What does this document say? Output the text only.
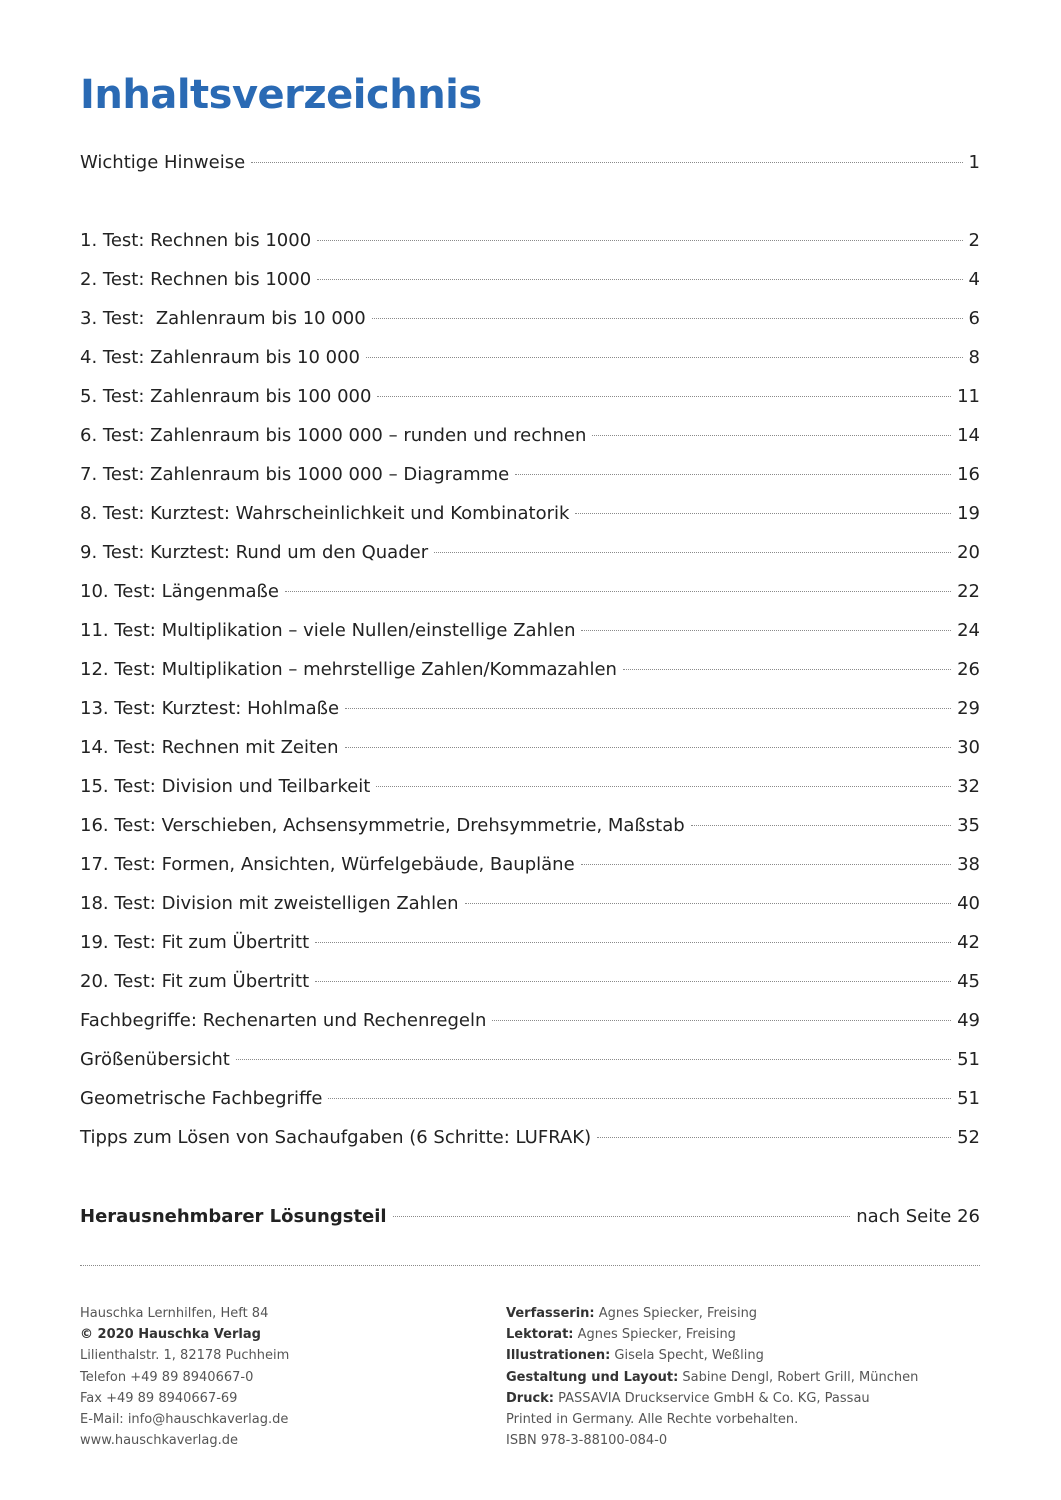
Inhaltsverzeichnis
Wichtige Hinweise	1
1. Test: Rechnen bis 1000	2
2. Test: Rechnen bis 1000	4
3. Test:  Zahlenraum bis 10 000	6
4. Test: Zahlenraum bis 10 000	8
5. Test: Zahlenraum bis 100 000	11
6. Test: Zahlenraum bis 1000 000 – runden und rechnen	14
7. Test: Zahlenraum bis 1000 000 – Diagramme	16
8. Test: Kurztest: Wahrscheinlichkeit und Kombinatorik	19
9. Test: Kurztest: Rund um den Quader	20
10. Test: Längenmaße	22
11. Test: Multiplikation – viele Nullen/einstellige Zahlen	24
12. Test: Multiplikation – mehrstellige Zahlen/Kommazahlen	26
13. Test: Kurztest: Hohlmaße	29
14. Test: Rechnen mit Zeiten	30
15. Test: Division und Teilbarkeit	32
16. Test: Verschieben, Achsensymmetrie, Drehsymmetrie, Maßstab	35
17. Test: Formen, Ansichten, Würfelgebäude, Baupläne	38
18. Test: Division mit zweistelligen Zahlen	40
19. Test: Fit zum Übertritt	42
20. Test: Fit zum Übertritt	45
Fachbegriffe: Rechenarten und Rechenregeln	49
Größenübersicht	51
Geometrische Fachbegriffe	51
Tipps zum Lösen von Sachaufgaben (6 Schritte: LUFRAK)	52
Herausnehmbarer Lösungsteil	nach Seite 26
Hauschka Lernhilfen, Heft 84
© 2020 Hauschka Verlag
Lilienthalstr. 1, 82178 Puchheim
Telefon +49 89 8940667-0
Fax +49 89 8940667-69
E-Mail: info@hauschkaverlag.de
www.hauschkaverlag.de
Verfasserin: Agnes Spiecker, Freising
Lektorat: Agnes Spiecker, Freising
Illustrationen: Gisela Specht, Weßling
Gestaltung und Layout: Sabine Dengl, Robert Grill, München
Druck: PASSAVIA Druckservice GmbH & Co. KG, Passau
Printed in Germany. Alle Rechte vorbehalten.
ISBN 978-3-88100-084-0
